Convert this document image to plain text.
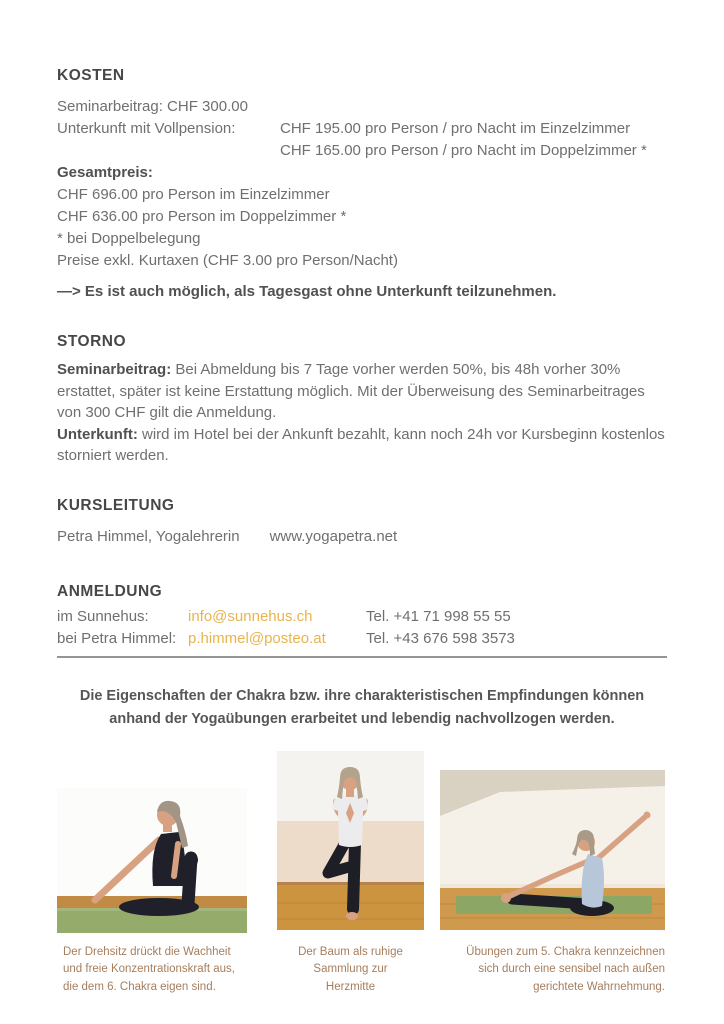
KOSTEN
Seminarbeitrag: CHF 300.00
Unterkunft mit Vollpension:	CHF 195.00 pro Person / pro Nacht im Einzelzimmer
CHF 165.00 pro Person / pro Nacht im Doppelzimmer *
Gesamtpreis:
CHF 696.00 pro Person im Einzelzimmer
CHF 636.00 pro Person im Doppelzimmer *
* bei Doppelbelegung
Preise exkl. Kurtaxen (CHF 3.00 pro Person/Nacht)
—> Es ist auch möglich, als Tagesgast ohne Unterkunft teilzunehmen.
STORNO

Seminarbeitrag: Bei Abmeldung bis 7 Tage vorher werden 50%, bis 48h vorher 30% erstattet, später ist keine Erstattung möglich. Mit der Überweisung des Seminarbeitrages von 300 CHF gilt die Anmeldung.

Unterkunft: wird im Hotel bei der Ankunft bezahlt, kann noch 24h vor Kursbeginn kostenlos storniert werden.

KURSLEITUNG
Petra Himmel, Yogalehrerin www.yogapetra.net
ANMELDUNG
im Sunnehus:	info@sunnehus.ch	Tel. +41 71 998 55 55
bei Petra Himmel: p.himmel@posteo.at	Tel. +43 676 598 3573
Die Eigenschaften der Chakra bzw. ihre charakteristischen Empfindungen können
anhand der Yogaübungen erarbeitet und lebendig nachvollzogen werden.
Der Drehsitz drückt die Wachheit
und freie Konzentrationskraft aus,
die dem 6. Chakra eigen sind.
Der Baum als ruhige
Sammlung zur
Herzmitte
Übungen zum 5. Chakra kennzeichnen
sich durch eine sensibel nach außen
gerichtete Wahrnehmung.
